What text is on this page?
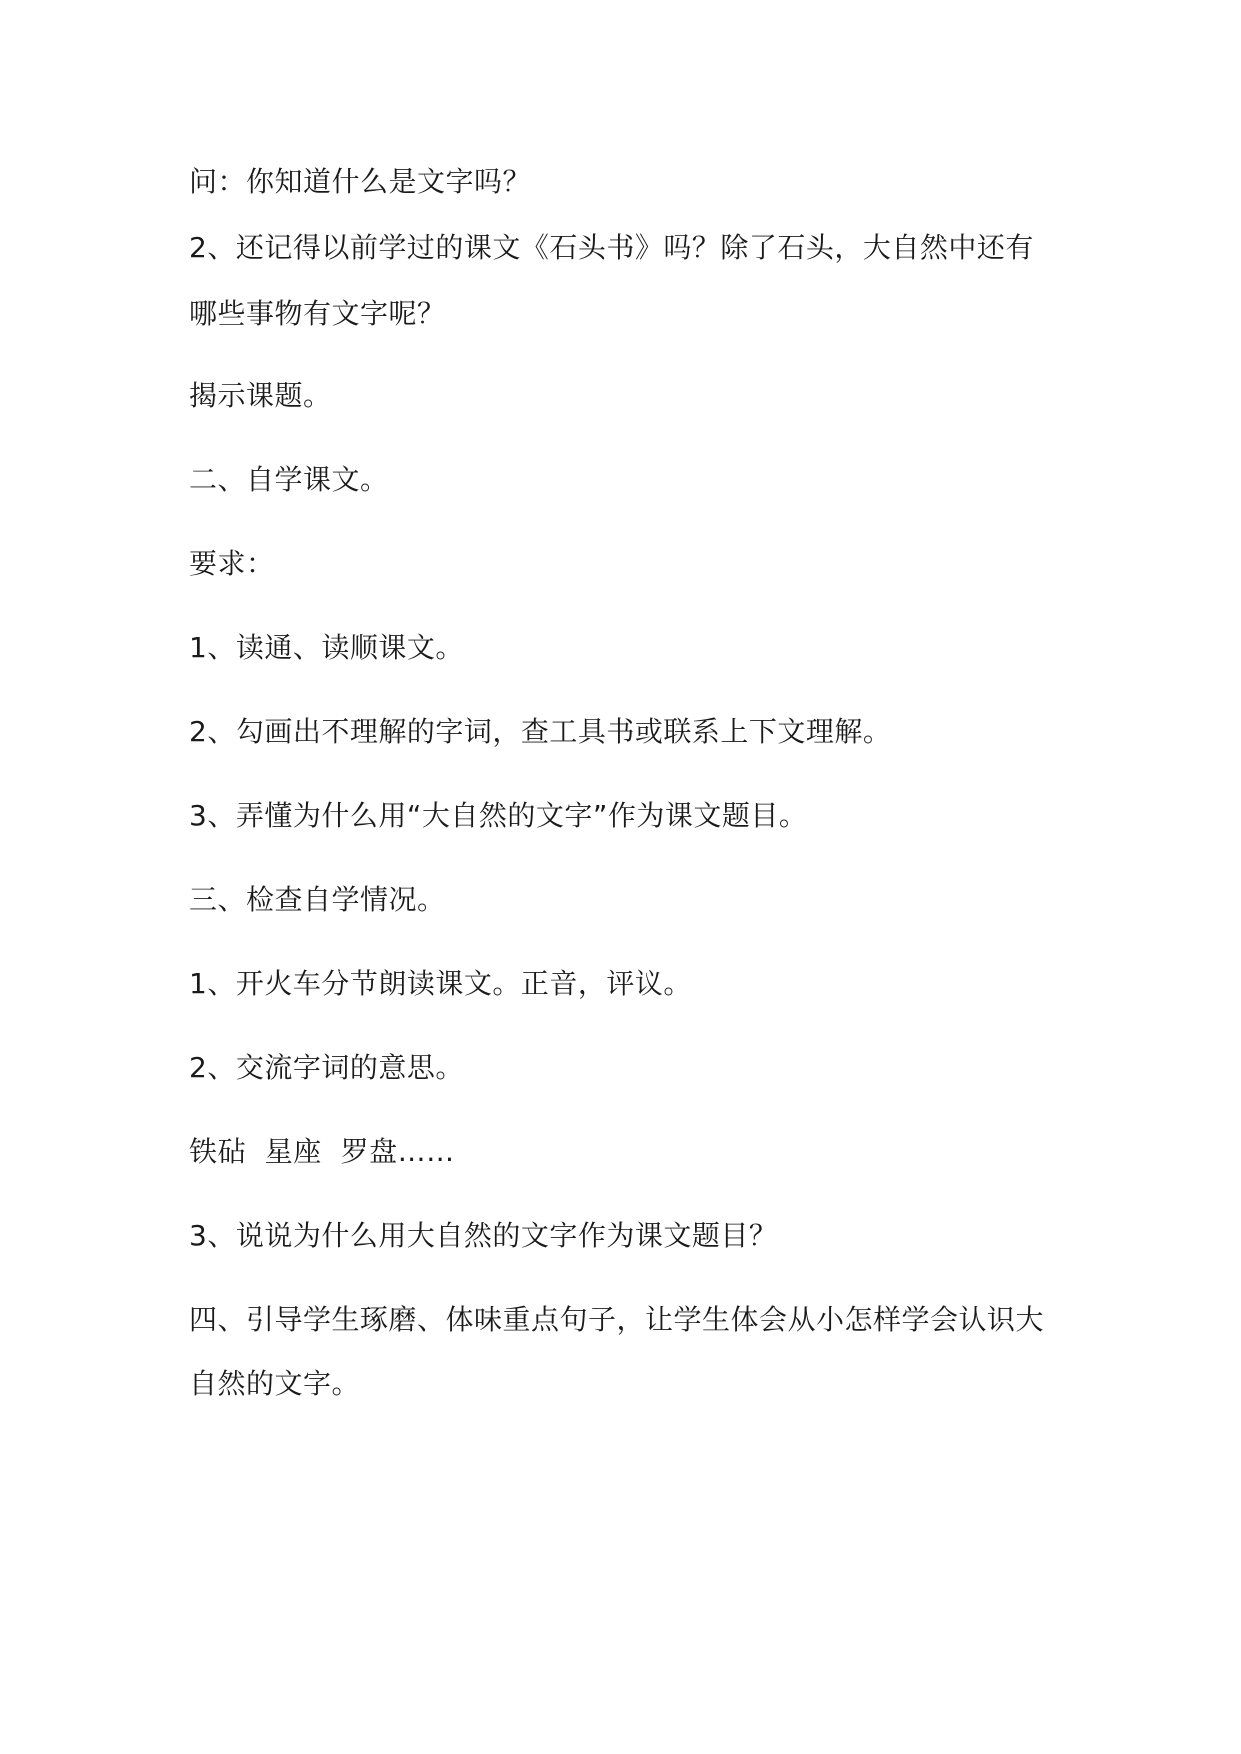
问：你知道什么是文字吗？

2、还记得以前学过的课文《石头书》吗？除了石头，大自然中还有

哪些事物有文字呢？

揭示课题。

二、自学课文。

要求：

1、读通、读顺课文。

2、勾画出不理解的字词，查工具书或联系上下文理解。

3、弄懂为什么用“大自然的文字”作为课文题目。

三、检查自学情况。

1、开火车分节朗读课文。正音，评议。

2、交流字词的意思。

铁砧  星座  罗盘……

3、说说为什么用大自然的文字作为课文题目？

四、引导学生琢磨、体味重点句子，让学生体会从小怎样学会认识大

自然的文字。
